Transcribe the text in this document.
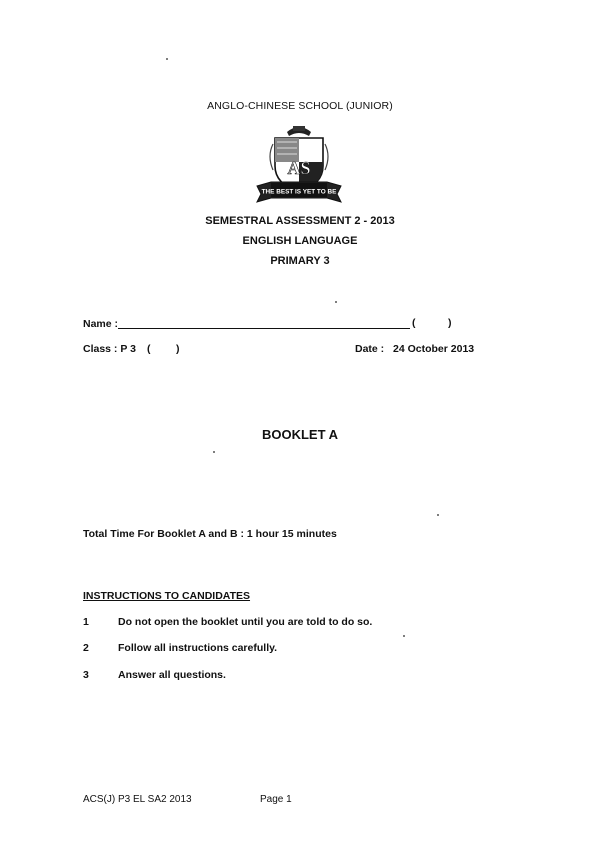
ANGLO-CHINESE SCHOOL (JUNIOR)
AS
THE BEST IS YET TO BE
SEMESTRAL ASSESSMENT 2 - 2013
ENGLISH LANGUAGE
PRIMARY 3
Name :	(	)
Class : P 3 ( )	Date : 24 October 2013
BOOKLET A
Total Time For Booklet A and B : 1 hour 15 minutes
INSTRUCTIONS TO CANDIDATES
1	Do not open the booklet until you are told to do so.
2	Follow all instructions carefully.
3	Answer all questions.
ACS(J) P3 EL SA2 2013	Page 1
